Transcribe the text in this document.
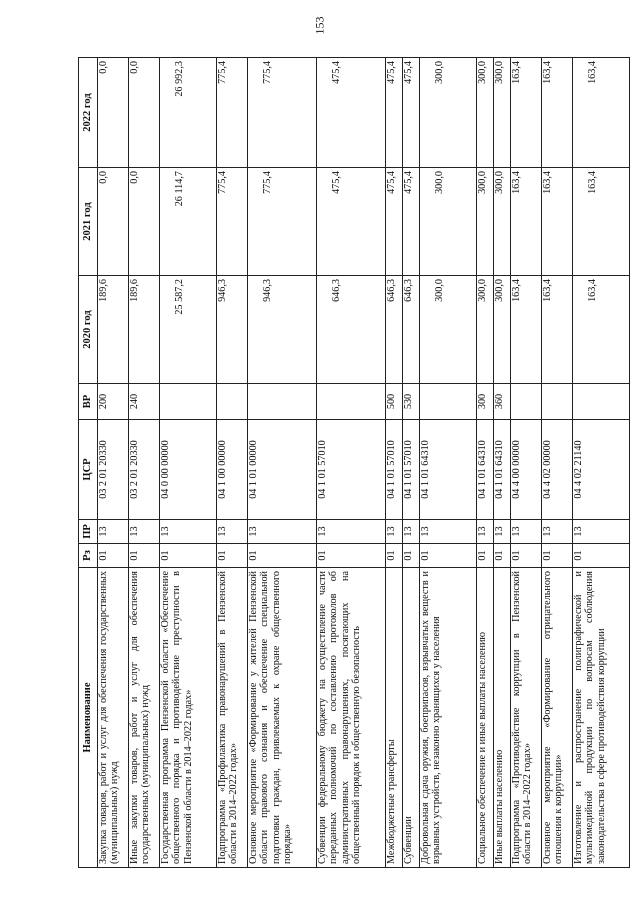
153
Наименование	Рз	ПР	ЦСР	ВР	2020 год	2021 год	2022 год
Закупка товаров, работ и услуг для обеспечения государственных (муниципальных) нужд	01	13	03 2 01 20330	200	189,6	0,0	0,0
Иные закупки товаров, работ и услуг для обеспечения государственных (муниципальных) нужд	01	13	03 2 01 20330	240	189,6	0,0	0,0
Государственная программа Пензенской области «Обеспечение общественного порядка и противодействие преступности в Пензенской области в 2014–2022 годах»	01	13	04 0 00 00000		25 587,2	26 114,7	26 992,3
Подпрограмма «Профилактика правонарушений в Пензенской области в 2014–2022 годах»	01	13	04 1 00 00000		946,3	775,4	775,4
Основное мероприятие «Формирование у жителей Пензенской области правового сознания и обеспечение специальной подготовки граждан, привлекаемых к охране общественного порядка»	01	13	04 1 01 00000		946,3	775,4	775,4
Субвенции федеральному бюджету на осуществление части переданных полномочий по составлению протоколов об административных правонарушениях, посягающих на общественный порядок и общественную безопасность	01	13	04 1 01 57010		646,3	475,4	475,4
Межбюджетные трансферты	01	13	04 1 01 57010	500	646,3	475,4	475,4
Субвенции	01	13	04 1 01 57010	530	646,3	475,4	475,4
Добровольная сдача оружия, боеприпасов, взрывчатых веществ и взрывных устройств, незаконно хранящихся у населения	01	13	04 1 01 64310		300,0	300,0	300,0
Социальное обеспечение и иные выплаты населению	01	13	04 1 01 64310	300	300,0	300,0	300,0
Иные выплаты населению	01	13	04 1 01 64310	360	300,0	300,0	300,0
Подпрограмма «Противодействие коррупции в Пензенской области в 2014–2022 годах»	01	13	04 4 00 00000		163,4	163,4	163,4
Основное мероприятие «Формирование отрицательного отношения к коррупции»	01	13	04 4 02 00000		163,4	163,4	163,4
Изготовление и распространение полиграфической и мультимедийной продукции по вопросам соблюдения законодательства в сфере противодействия коррупции	01	13	04 4 02 21140		163,4	163,4	163,4
